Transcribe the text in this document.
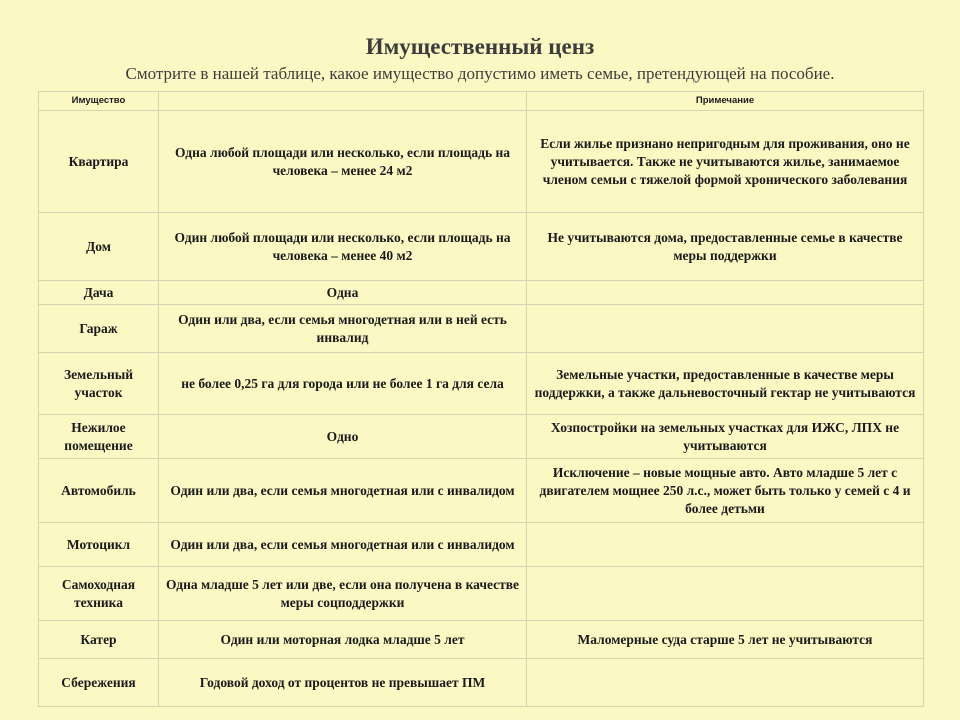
Имущественный ценз
Смотрите в нашей таблице, какое имущество допустимо иметь семье, претендующей на пособие.
Имущество		Примечание
Квартира	Одна любой площади или несколько, если площадь на человека – менее 24 м2	Если жилье признано непригодным для проживания, оно не учитывается. Также не учитываются жилье, занимаемое членом семьи с тяжелой формой хронического заболевания
Дом	Один любой площади или несколько, если площадь на человека – менее 40 м2	Не учитываются дома, предоставленные семье в качестве меры поддержки
Дача	Одна	
Гараж	Один или два, если семья многодетная или в ней есть инвалид	
Земельный участок	не более 0,25 га для города или не более 1 га для села	Земельные участки, предоставленные в качестве меры поддержки, а также дальневосточный гектар не учитываются
Нежилое помещение	Одно	Хозпостройки на земельных участках для ИЖС, ЛПХ не учитываются
Автомобиль	Один или два, если семья многодетная или с инвалидом	Исключение – новые мощные авто. Авто младше 5 лет с двигателем мощнее 250 л.с., может быть только у семей с 4 и более детьми
Мотоцикл	Один или два, если семья многодетная или с инвалидом	
Самоходная техника	Одна младше 5 лет или две, если она получена в качестве меры соцподдержки	
Катер	Один или моторная лодка младше 5 лет	Маломерные суда старше 5 лет не учитываются
Сбережения	Годовой доход от процентов не превышает ПМ	
